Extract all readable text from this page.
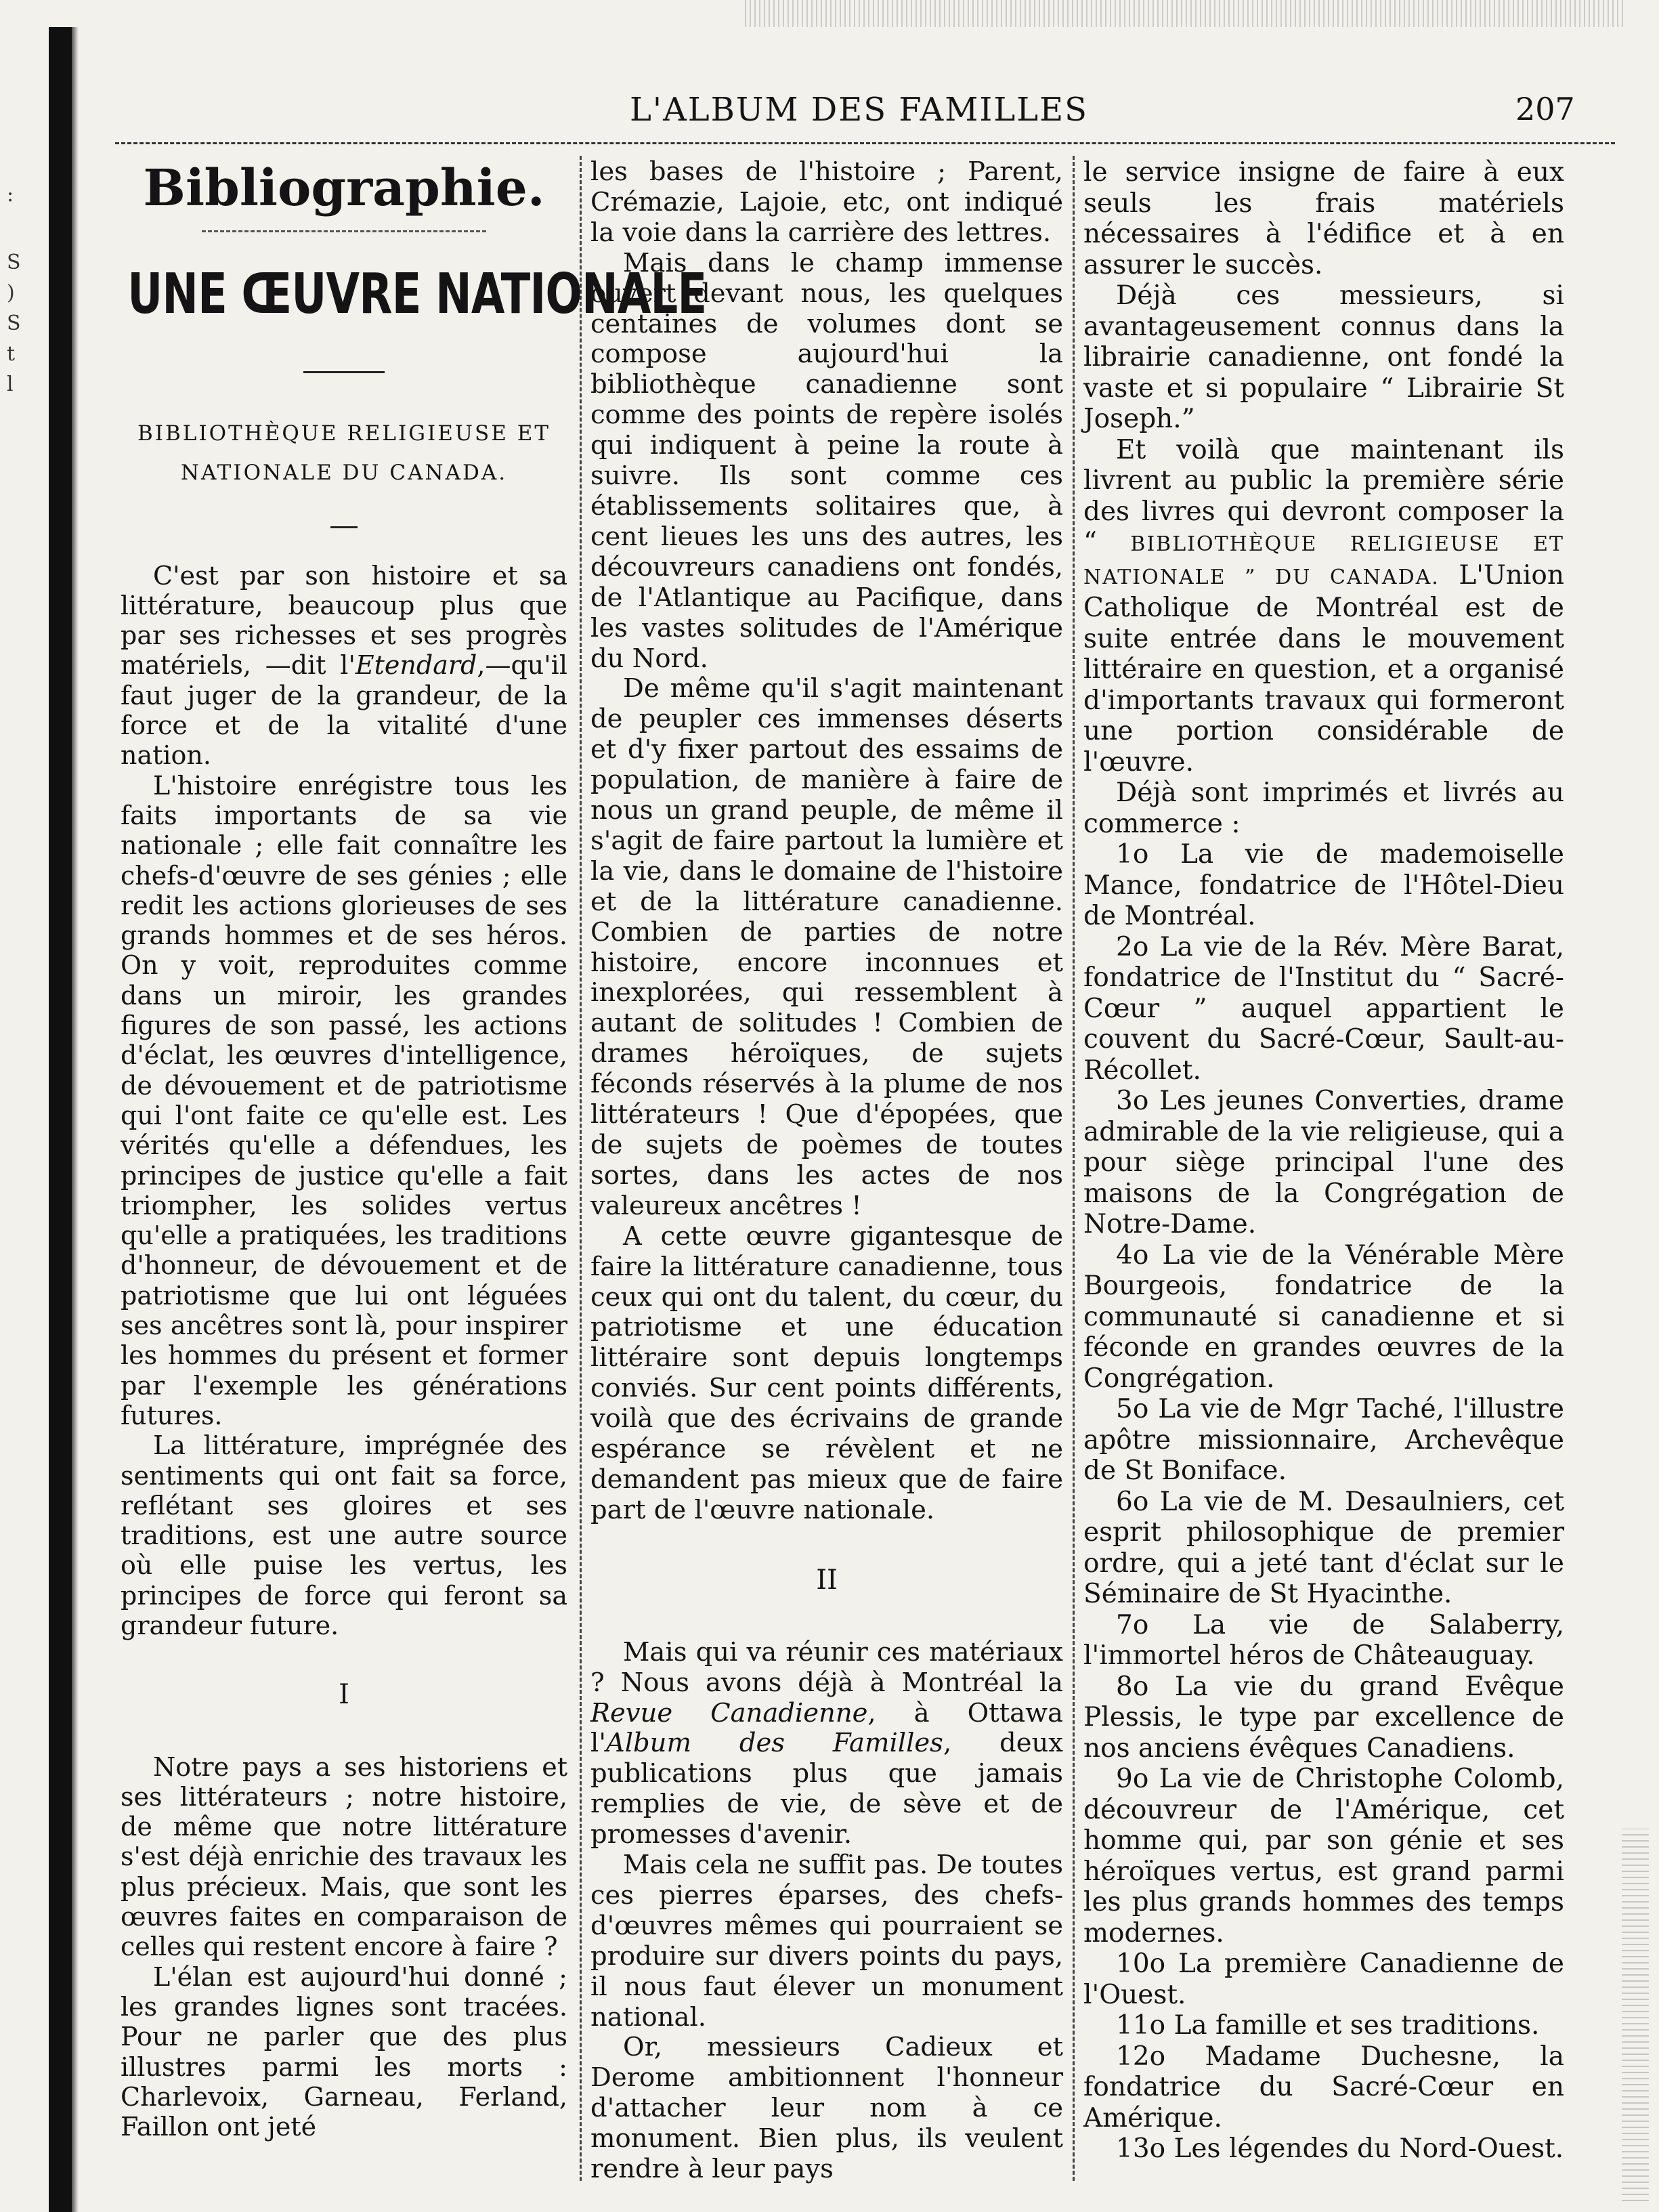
:
S
)
S
t
l
L'ALBUM DES FAMILLES	207
Bibliographie.
UNE ŒUVRE NATIONALE
BIBLIOTHÈQUE RELIGIEUSE ET
NATIONALE DU CANADA.

C'est par son histoire et sa littérature, beaucoup plus que par ses richesses et ses progrès matériels, —dit l'Etendard,—qu'il faut juger de la grandeur, de la force et de la vitalité d'une nation.

L'histoire enrégistre tous les faits importants de sa vie nationale ; elle fait connaître les chefs-d'œuvre de ses génies ; elle redit les actions glorieuses de ses grands hommes et de ses héros. On y voit, reproduites comme dans un miroir, les grandes figures de son passé, les actions d'éclat, les œuvres d'intelligence, de dévouement et de patriotisme qui l'ont faite ce qu'elle est. Les vérités qu'elle a défendues, les principes de justice qu'elle a fait triompher, les solides vertus qu'elle a pratiquées, les traditions d'honneur, de dévouement et de patriotisme que lui ont léguées ses ancêtres sont là, pour inspirer les hommes du présent et former par l'exemple les générations futures.

La littérature, imprégnée des sentiments qui ont fait sa force, reflétant ses gloires et ses traditions, est une autre source où elle puise les vertus, les principes de force qui feront sa grandeur future.

I

Notre pays a ses historiens et ses littérateurs ; notre histoire, de même que notre littérature s'est déjà enrichie des travaux les plus précieux. Mais, que sont les œuvres faites en comparaison de celles qui restent encore à faire ?

L'élan est aujourd'hui donné ; les grandes lignes sont tracées. Pour ne parler que des plus illustres parmi les morts : Charlevoix, Garneau, Ferland, Faillon ont jeté

les bases de l'histoire ; Parent, Crémazie, Lajoie, etc, ont indiqué la voie dans la carrière des lettres.

Mais dans le champ immense ouvert devant nous, les quelques centaines de volumes dont se compose aujourd'hui la bibliothèque canadienne sont comme des points de repère isolés qui indiquent à peine la route à suivre. Ils sont comme ces établissements solitaires que, à cent lieues les uns des autres, les découvreurs canadiens ont fondés, de l'Atlantique au Pacifique, dans les vastes solitudes de l'Amérique du Nord.

De même qu'il s'agit maintenant de peupler ces immenses déserts et d'y fixer partout des essaims de population, de manière à faire de nous un grand peuple, de même il s'agit de faire partout la lumière et la vie, dans le domaine de l'histoire et de la littérature canadienne. Combien de parties de notre histoire, encore inconnues et inexplorées, qui ressemblent à autant de solitudes ! Combien de drames héroïques, de sujets féconds réservés à la plume de nos littérateurs ! Que d'épopées, que de sujets de poèmes de toutes sortes, dans les actes de nos valeureux ancêtres !

A cette œuvre gigantesque de faire la littérature canadienne, tous ceux qui ont du talent, du cœur, du patriotisme et une éducation littéraire sont depuis longtemps conviés. Sur cent points différents, voilà que des écrivains de grande espérance se révèlent et ne demandent pas mieux que de faire part de l'œuvre nationale.

II

Mais qui va réunir ces matériaux ? Nous avons déjà à Montréal la Revue Canadienne, à Ottawa l'Album des Familles, deux publications plus que jamais remplies de vie, de sève et de promesses d'avenir.

Mais cela ne suffit pas. De toutes ces pierres éparses, des chefs-d'œuvres mêmes qui pourraient se produire sur divers points du pays, il nous faut élever un monument national.

Or, messieurs Cadieux et Derome ambitionnent l'honneur d'attacher leur nom à ce monument. Bien plus, ils veulent rendre à leur pays

le service insigne de faire à eux seuls les frais matériels nécessaires à l'édifice et à en assurer le succès.

Déjà ces messieurs, si avantageusement connus dans la librairie canadienne, ont fondé la vaste et si populaire “ Librairie St Joseph.”

Et voilà que maintenant ils livrent au public la première série des livres qui devront composer la “ BIBLIOTHÈQUE RELIGIEUSE ET NATIONALE ” DU CANADA. L'Union Catholique de Montréal est de suite entrée dans le mouvement littéraire en question, et a organisé d'importants travaux qui formeront une portion considérable de l'œuvre.

Déjà sont imprimés et livrés au commerce :

1o La vie de mademoiselle Mance, fondatrice de l'Hôtel-Dieu de Montréal.

2o La vie de la Rév. Mère Barat, fondatrice de l'Institut du “ Sacré-Cœur ” auquel appartient le couvent du Sacré-Cœur, Sault-au-Récollet.

3o Les jeunes Converties, drame admirable de la vie religieuse, qui a pour siège principal l'une des maisons de la Congrégation de Notre-Dame.

4o La vie de la Vénérable Mère Bourgeois, fondatrice de la communauté si canadienne et si féconde en grandes œuvres de la Congrégation.

5o La vie de Mgr Taché, l'illustre apôtre missionnaire, Archevêque de St Boniface.

6o La vie de M. Desaulniers, cet esprit philosophique de premier ordre, qui a jeté tant d'éclat sur le Séminaire de St Hyacinthe.

7o La vie de Salaberry, l'immortel héros de Châteauguay.

8o La vie du grand Evêque Plessis, le type par excellence de nos anciens évêques Canadiens.

9o La vie de Christophe Colomb, découvreur de l'Amérique, cet homme qui, par son génie et ses héroïques vertus, est grand parmi les plus grands hommes des temps modernes.

10o La première Canadienne de l'Ouest.

11o La famille et ses traditions.

12o Madame Duchesne, la fondatrice du Sacré-Cœur en Amérique.

13o Les légendes du Nord-Ouest.
